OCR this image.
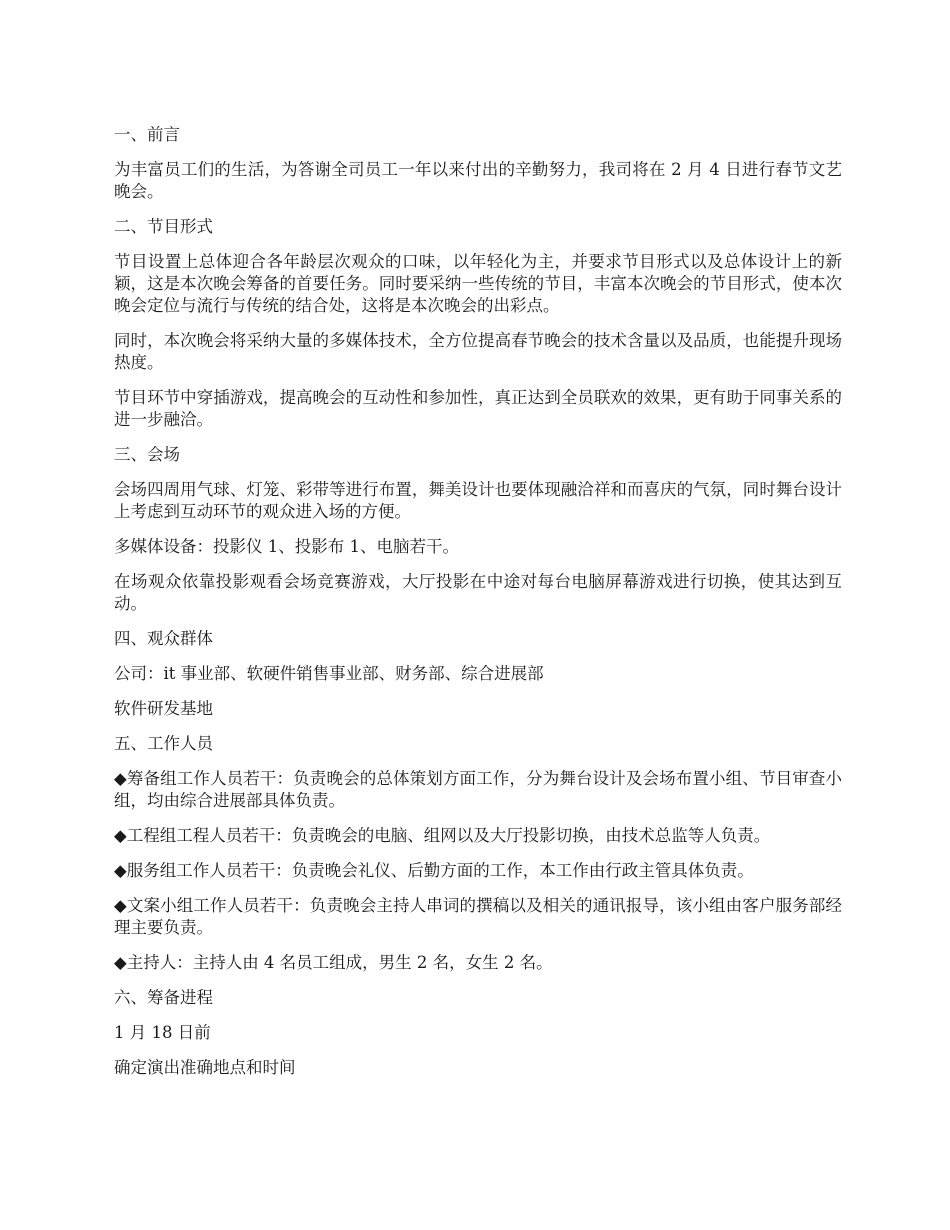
一、前言

为丰富员工们的生活，为答谢全司员工一年以来付出的辛勤努力，我司将在 2 月 4 日进行春节文艺晚会。

二、节目形式

节目设置上总体迎合各年龄层次观众的口味，以年轻化为主，并要求节目形式以及总体设计上的新颖，这是本次晚会筹备的首要任务。同时要采纳一些传统的节目，丰富本次晚会的节目形式，使本次晚会定位与流行与传统的结合处，这将是本次晚会的出彩点。

同时，本次晚会将采纳大量的多媒体技术，全方位提高春节晚会的技术含量以及品质，也能提升现场热度。

节目环节中穿插游戏，提高晚会的互动性和参加性，真正达到全员联欢的效果，更有助于同事关系的进一步融洽。

三、会场

会场四周用气球、灯笼、彩带等进行布置，舞美设计也要体现融洽祥和而喜庆的气氛，同时舞台设计上考虑到互动环节的观众进入场的方便。

多媒体设备：投影仪 1、投影布 1、电脑若干。

在场观众依靠投影观看会场竞赛游戏，大厅投影在中途对每台电脑屏幕游戏进行切换，使其达到互动。

四、观众群体

公司：it 事业部、软硬件销售事业部、财务部、综合进展部

软件研发基地

五、工作人员

◆筹备组工作人员若干：负责晚会的总体策划方面工作，分为舞台设计及会场布置小组、节目审查小组，均由综合进展部具体负责。

◆工程组工程人员若干：负责晚会的电脑、组网以及大厅投影切换，由技术总监等人负责。

◆服务组工作人员若干：负责晚会礼仪、后勤方面的工作，本工作由行政主管具体负责。

◆文案小组工作人员若干：负责晚会主持人串词的撰稿以及相关的通讯报导，该小组由客户服务部经理主要负责。

◆主持人：主持人由 4 名员工组成，男生 2 名，女生 2 名。

六、筹备进程

1 月 18 日前

确定演出准确地点和时间
